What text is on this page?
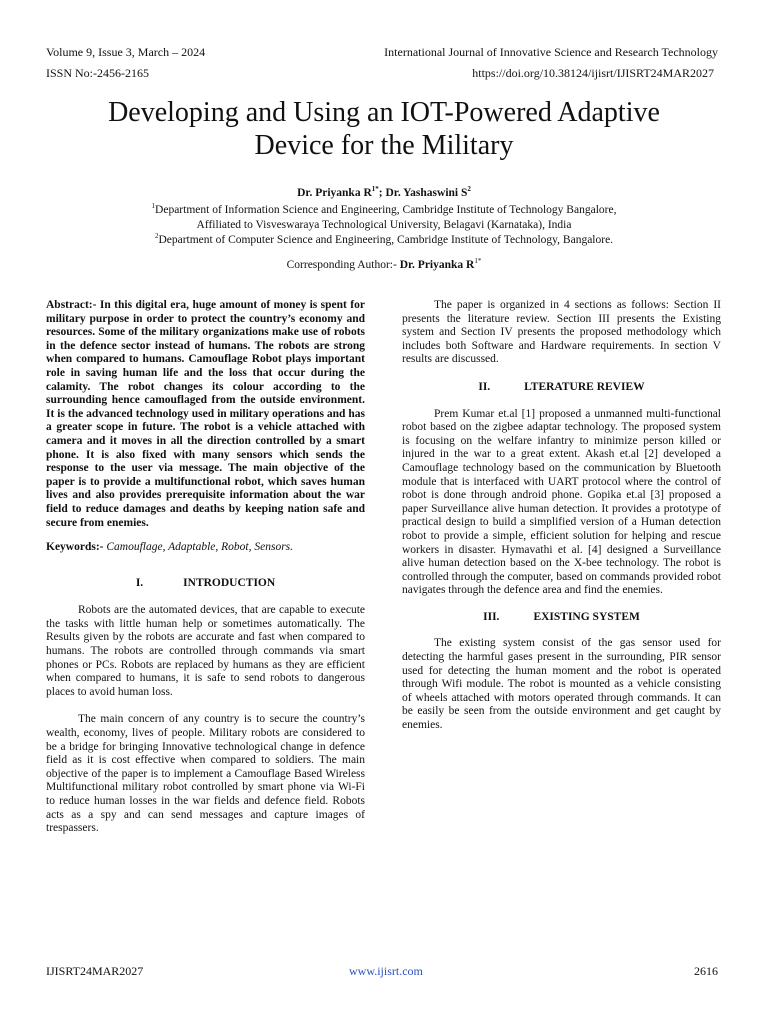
Volume 9, Issue 3, March – 2024	International Journal of Innovative Science and Research Technology
ISSN No:-2456-2165	https://doi.org/10.38124/ijisrt/IJISRT24MAR2027
Developing and Using an IOT-Powered Adaptive
Device for the Military
Dr. Priyanka $R^{1*}$; Dr. Yashaswini $S^2$
$^1$Department of Information Science and Engineering, Cambridge Institute of Technology Bangalore,
Affiliated to Visveswaraya Technological University, Belagavi (Karnataka), India
$^2$Department of Computer Science and Engineering, Cambridge Institute of Technology, Bangalore.
Corresponding Author:- Dr. Priyanka $R^{1*}$

Abstract:- In this digital era, huge amount of money is spent for military purpose in order to protect the country’s economy and resources. Some of the military organizations make use of robots in the defence sector instead of humans. The robots are strong when compared to humans. Camouflage Robot plays important role in saving human life and the loss that occur during the calamity. The robot changes its colour according to the surrounding hence camouflaged from the outside environment. It is the advanced technology used in military operations and has a greater scope in future. The robot is a vehicle attached with camera and it moves in all the direction controlled by a smart phone. It is also fixed with many sensors which sends the response to the user via message. The main objective of the paper is to provide a multifunctional robot, which saves human lives and also provides prerequisite information about the war field to reduce damages and deaths by keeping nation safe and secure from enemies.

Keywords:- Camouflage, Adaptable, Robot, Sensors.

I.	INTRODUCTION

Robots are the automated devices, that are capable to execute the tasks with little human help or sometimes automatically. The Results given by the robots are accurate and fast when compared to humans. The robots are controlled through commands via smart phones or PCs. Robots are replaced by humans as they are efficient when compared to humans, it is safe to send robots to dangerous places to avoid human loss.

The main concern of any country is to secure the country’s wealth, economy, lives of people. Military robots are considered to be a bridge for bringing Innovative technological change in defence field as it is cost effective when compared to soldiers. The main objective of the paper is to implement a Camouflage Based Wireless Multifunctional military robot controlled by smart phone via Wi-Fi to reduce human losses in the war fields and defence field. Robots acts as a spy and can send messages and capture images of trespassers.

The paper is organized in 4 sections as follows: Section II presents the literature review. Section III presents the Existing system and Section IV presents the proposed methodology which includes both Software and Hardware requirements. In section V results are discussed.

II.	LTERATURE REVIEW

Prem Kumar et.al [1] proposed a unmanned multi-functional robot based on the zigbee adaptar technology. The proposed system is focusing on the welfare infantry to minimize person killed or injured in the war to a great extent. Akash et.al [2] developed a Camouflage technology based on the communication by Bluetooth module that is interfaced with UART protocol where the control of robot is done through android phone. Gopika et.al [3] proposed a paper Surveillance alive human detection. It provides a prototype of practical design to build a simplified version of a Human detection robot to provide a simple, efficient solution for helping and rescue workers in disaster. Hymavathi et al. [4] designed a Surveillance alive human detection based on the X-bee technology. The robot is controlled through the computer, based on commands provided robot navigates through the defence area and find the enemies.

III.	EXISTING SYSTEM

The existing system consist of the gas sensor used for detecting the harmful gases present in the surrounding, PIR sensor used for detecting the human moment and the robot is operated through Wifi module. The robot is mounted as a vehicle consisting of wheels attached with motors operated through commands. It can be easily be seen from the outside environment and get caught by enemies.

IJISRT24MAR2027	www.ijisrt.com	2616
